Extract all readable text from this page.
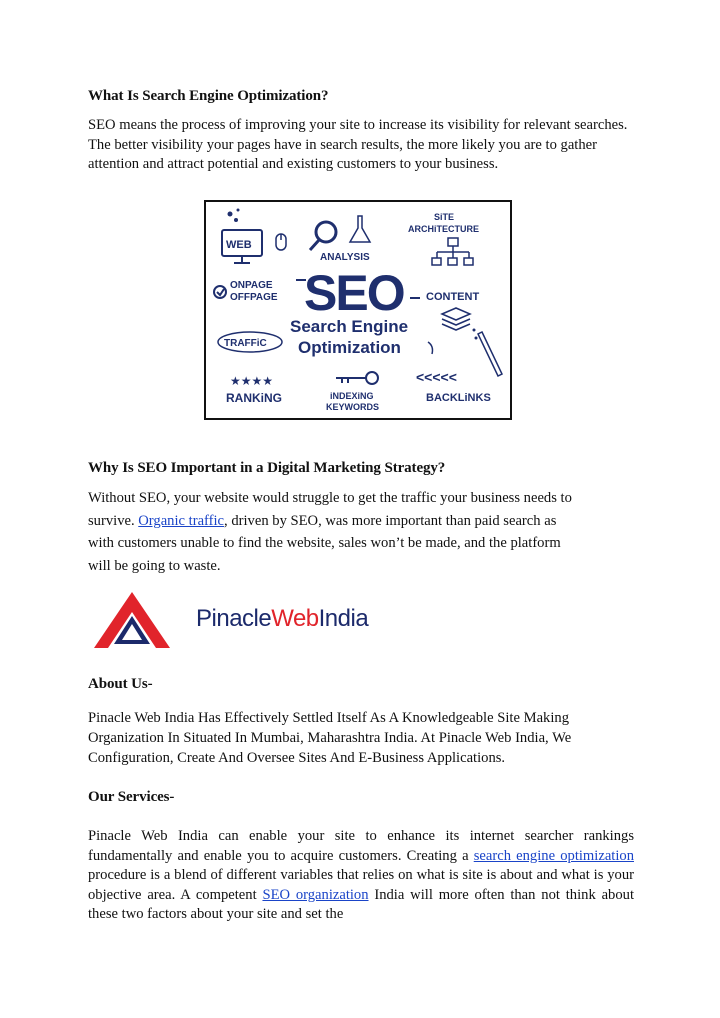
What Is Search Engine Optimization?

SEO means the process of improving your site to increase its visibility for relevant searches. The better visibility your pages have in search results, the more likely you are to gather attention and attract potential and existing customers to your business.

WEB
ANALYSIS
SiTE
ARCHiTECTURE
ONPAGE
OFFPAGE SEO CONTENT
Search Engine
Optimization
TRAFFiC
★★★★
RANKiNG	iNDEXiNG
KEYWORDS
<<<<<
BACKLiNKS
Why Is SEO Important in a Digital Marketing Strategy?
Without SEO, your website would struggle to get the traffic your business needs to
survive. Organic traffic, driven by SEO, was more important than paid search as
with customers unable to find the website, sales won’t be made, and the platform
will be going to waste.
PinacleWebIndia
About Us-

Pinacle Web India Has Effectively Settled Itself As A Knowledgeable Site Making Organization In Situated In Mumbai, Maharashtra India. At Pinacle Web India, We Configuration, Create And Oversee Sites And E-Business Applications.

Our Services-

Pinacle Web India can enable your site to enhance its internet searcher rankings fundamentally and enable you to acquire customers. Creating a search engine optimization procedure is a blend of different variables that relies on what is site is about and what is your objective area. A competent SEO organization India will more often than not think about these two factors about your site and set the
